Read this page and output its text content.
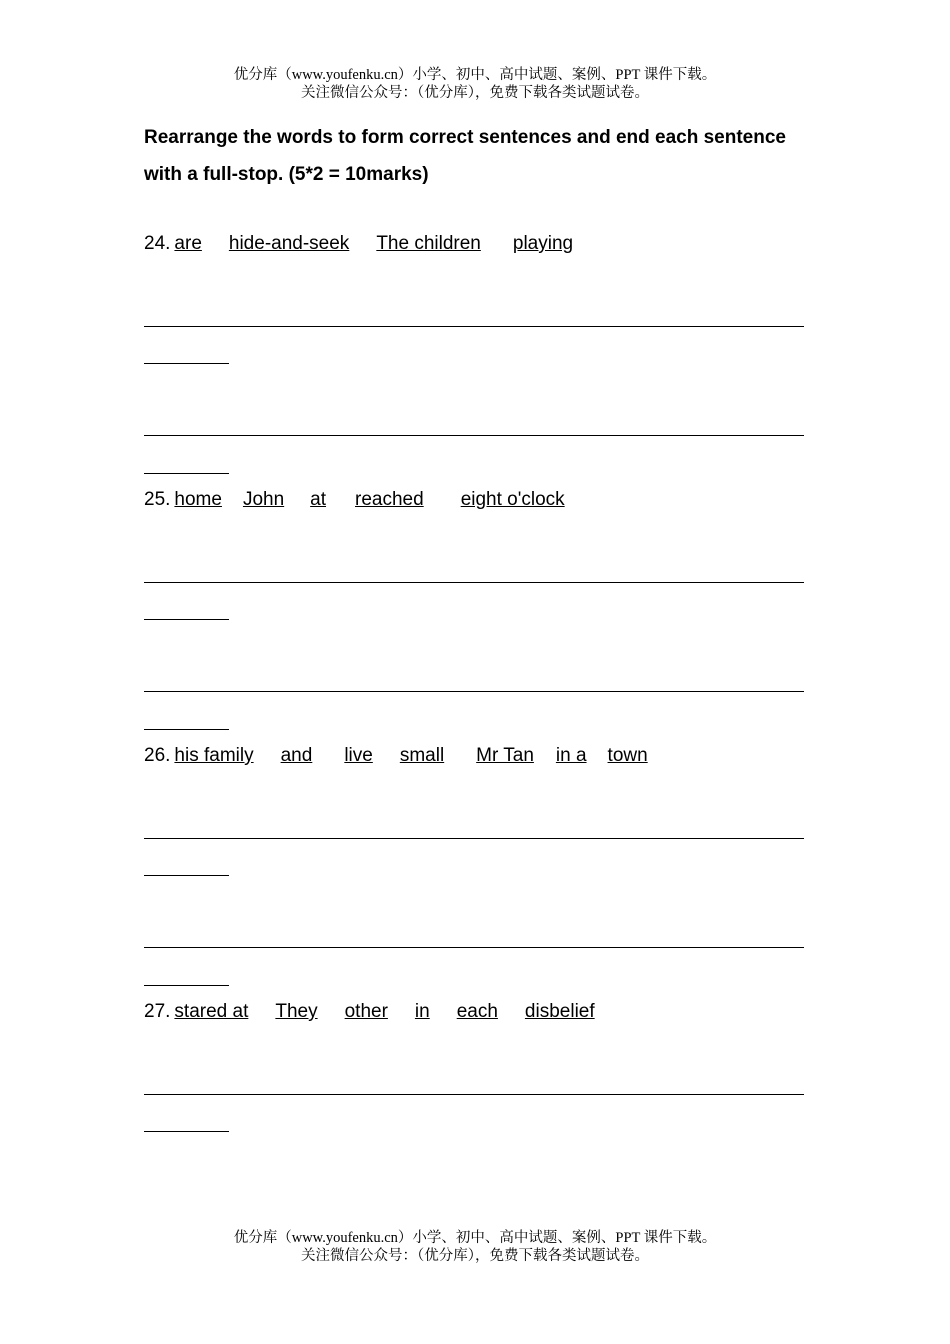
优分库（www.youfenku.cn）小学、初中、高中试题、案例、PPT 课件下载。
关注微信公众号：（优分库），免费下载各类试题试卷。
Rearrange the words to form correct sentences and end each sentence with a full-stop. (5*2 = 10marks)
24. are hide-and-seek The children playing
25. home John at reached eight o'clock
26. his family and live small Mr Tan in a town
27. stared at They other in each disbelief
优分库（www.youfenku.cn）小学、初中、高中试题、案例、PPT 课件下载。
关注微信公众号：（优分库），免费下载各类试题试卷。
